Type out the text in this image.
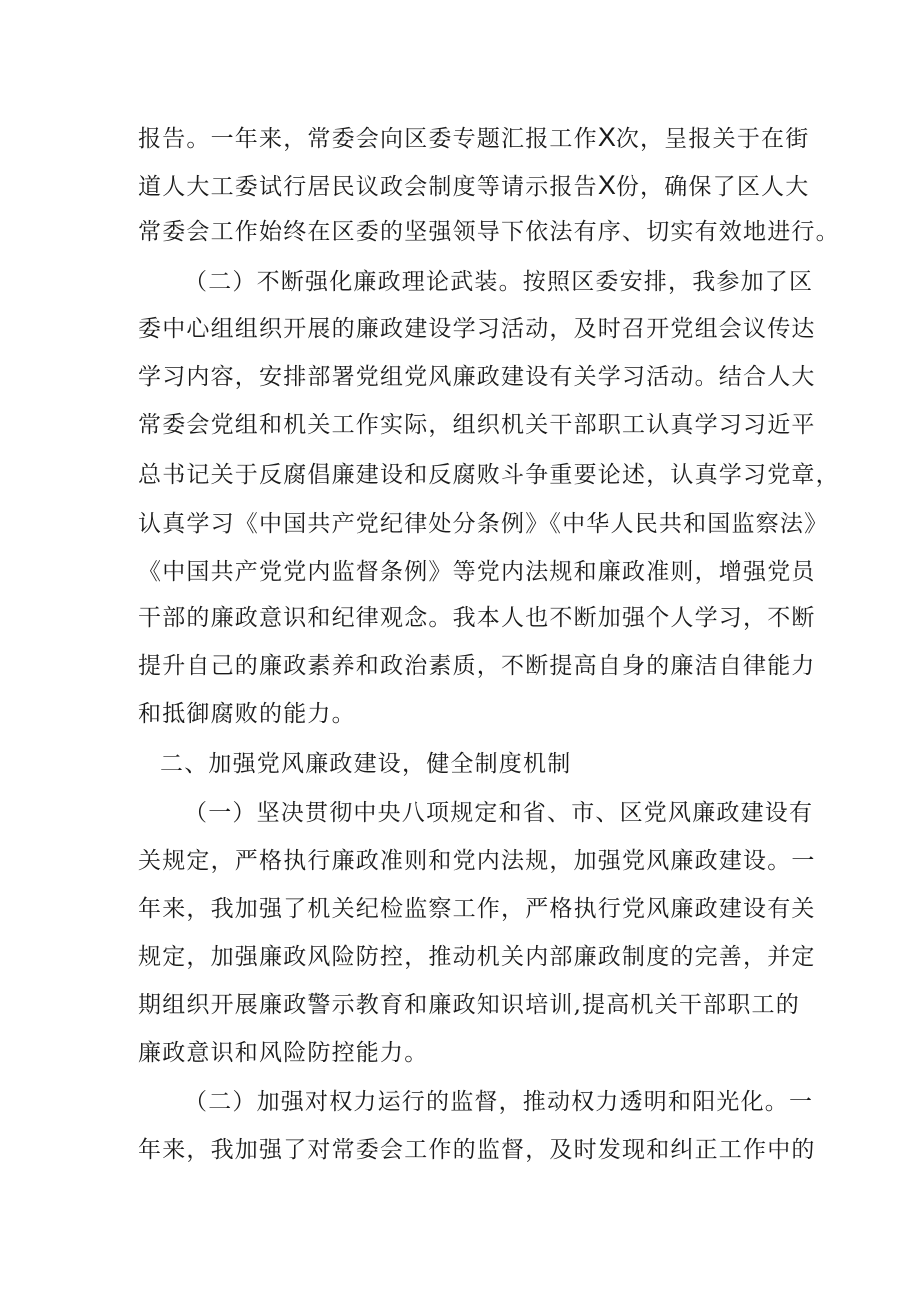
报告。一年来，常委会向区委专题汇报工作X次，呈报关于在街
道人大工委试行居民议政会制度等请示报告X份，确保了区人大
常委会工作始终在区委的坚强领导下依法有序、切实有效地进行。
（二）不断强化廉政理论武装。按照区委安排，我参加了区
委中心组组织开展的廉政建设学习活动，及时召开党组会议传达
学习内容，安排部署党组党风廉政建设有关学习活动。结合人大
常委会党组和机关工作实际，组织机关干部职工认真学习习近平
总书记关于反腐倡廉建设和反腐败斗争重要论述，认真学习党章，
认真学习《中国共产党纪律处分条例》《中华人民共和国监察法》
《中国共产党党内监督条例》等党内法规和廉政准则，增强党员
干部的廉政意识和纪律观念。我本人也不断加强个人学习，不断
提升自己的廉政素养和政治素质，不断提高自身的廉洁自律能力
和抵御腐败的能力。
二、加强党风廉政建设，健全制度机制
（一）坚决贯彻中央八项规定和省、市、区党风廉政建设有
关规定，严格执行廉政准则和党内法规，加强党风廉政建设。一
年来，我加强了机关纪检监察工作，严格执行党风廉政建设有关
规定，加强廉政风险防控，推动机关内部廉政制度的完善，并定
期组织开展廉政警示教育和廉政知识培训,提高机关干部职工的
廉政意识和风险防控能力。
（二）加强对权力运行的监督，推动权力透明和阳光化。一
年来，我加强了对常委会工作的监督，及时发现和纠正工作中的
